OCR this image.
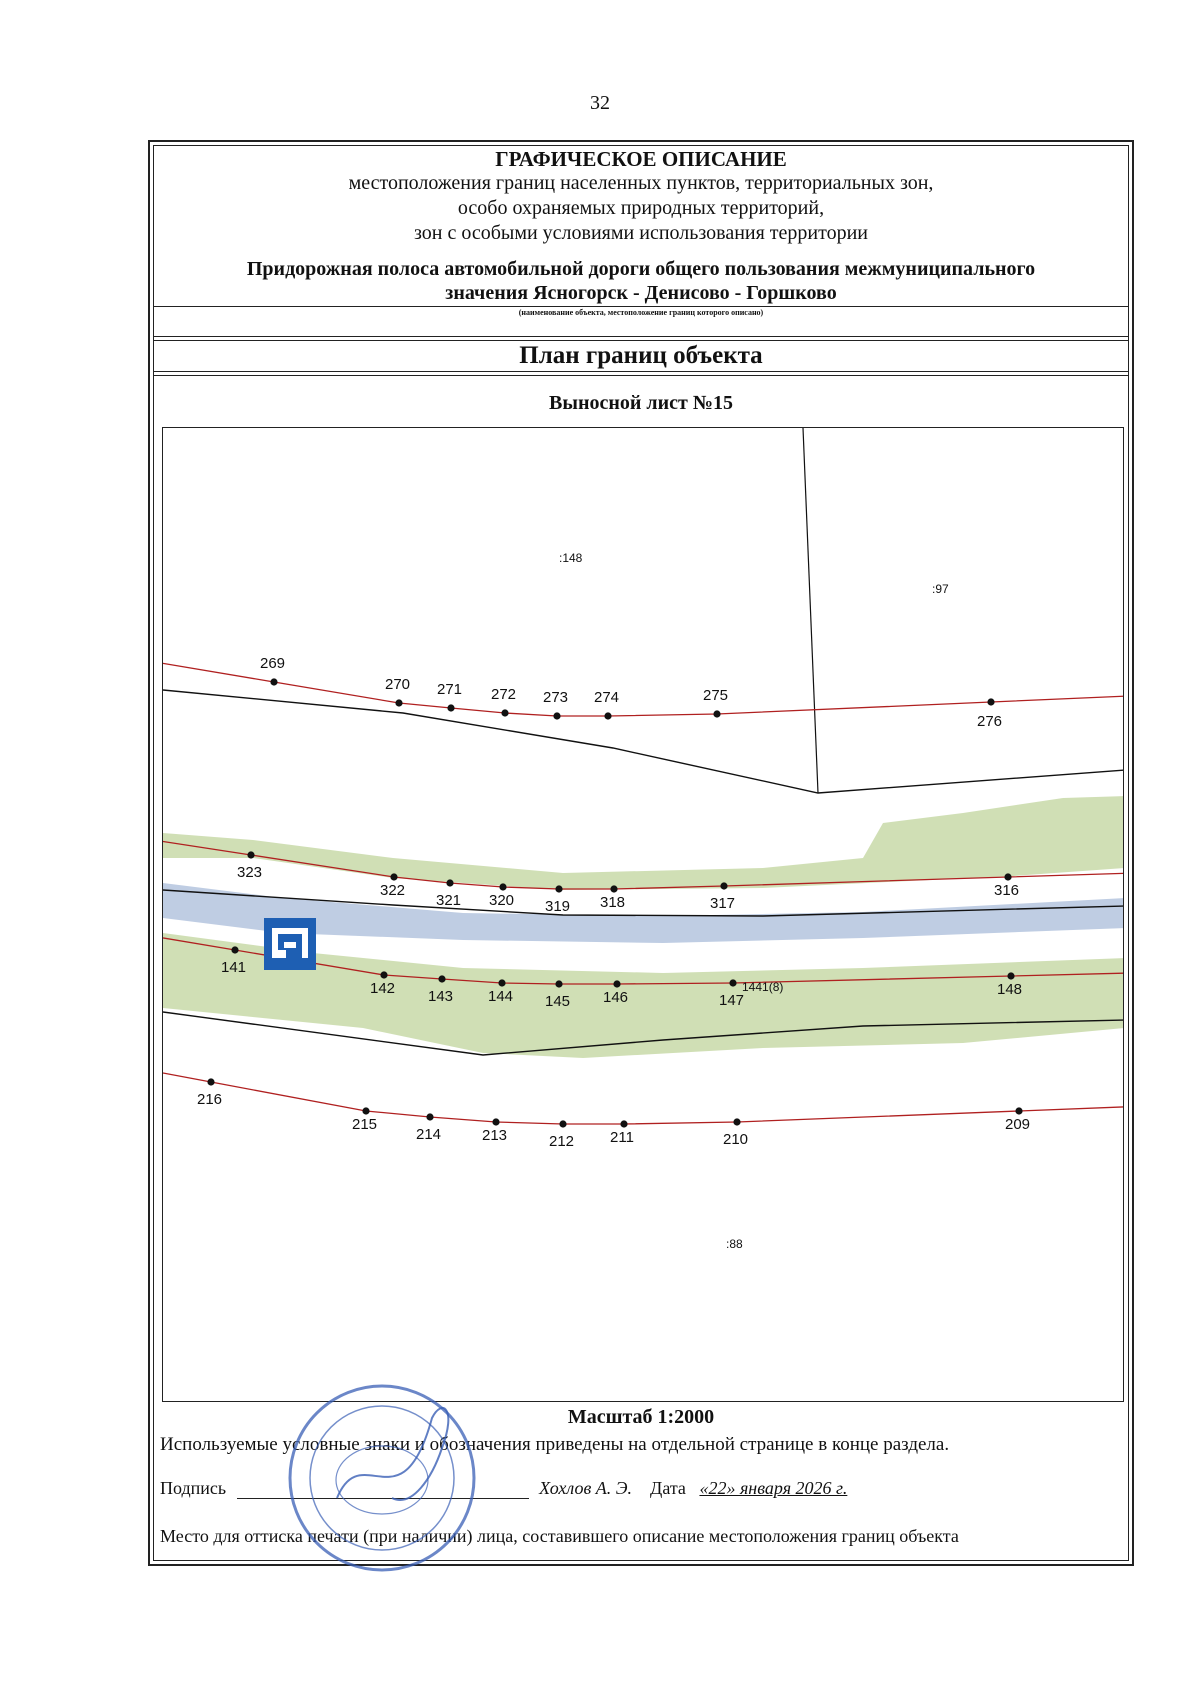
32
ГРАФИЧЕСКОЕ ОПИСАНИЕ
местоположения границ населенных пунктов, территориальных зон,
особо охраняемых природных территорий,
зон с особыми условиями использования территории
Придорожная полоса автомобильной дороги общего пользования межмуниципального
значения Ясногорск - Денисово - Горшково
(наименование объекта, местоположение границ которого описано)
План границ объекта
Выносной лист №15
269
270 271 272 273 274	275
276
323
322
321 320 319 318	317
316
141
142 143 144 145 146	147
148
216
215
214	213	212 211	210
209
:148
:97
:88
1441(8)
Масштаб 1:2000
Используемые условные знаки и обозначения приведены на отдельной странице в конце раздела.
Подпись	Хохлов А. Э. Дата «22» января 2026 г.
Место для оттиска печати (при наличии) лица, составившего описание местоположения границ объекта
